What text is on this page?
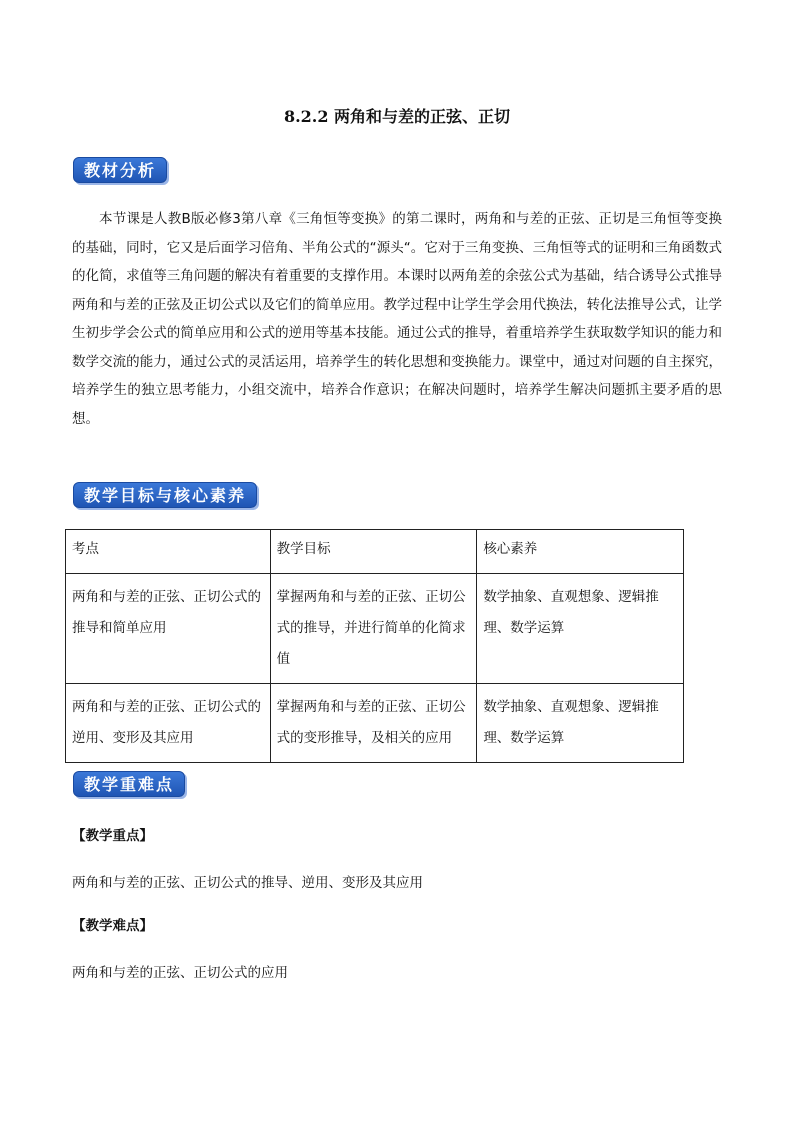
8.2.2 两角和与差的正弦、正切
教材分析
本节课是人教B版必修3第八章《三角恒等变换》的第二课时，两角和与差的正弦、正切是三角恒等变换的基础，同时，它又是后面学习倍角、半角公式的“源头“。它对于三角变换、三角恒等式的证明和三角函数式的化简，求值等三角问题的解决有着重要的支撑作用。本课时以两角差的余弦公式为基础，结合诱导公式推导两角和与差的正弦及正切公式以及它们的简单应用。教学过程中让学生学会用代换法，转化法推导公式，让学生初步学会公式的简单应用和公式的逆用等基本技能。通过公式的推导，着重培养学生获取数学知识的能力和数学交流的能力，通过公式的灵活运用，培养学生的转化思想和变换能力。课堂中，通过对问题的自主探究，培养学生的独立思考能力，小组交流中，培养合作意识；在解决问题时，培养学生解决问题抓主要矛盾的思想。
教学目标与核心素养
考点	教学目标	核心素养
两角和与差的正弦、正切公式的推导和简单应用	掌握两角和与差的正弦、正切公式的推导，并进行简单的化简求值	数学抽象、直观想象、逻辑推理、数学运算
两角和与差的正弦、正切公式的逆用、变形及其应用	掌握两角和与差的正弦、正切公式的变形推导，及相关的应用	数学抽象、直观想象、逻辑推理、数学运算
教学重难点
【教学重点】
两角和与差的正弦、正切公式的推导、逆用、变形及其应用
【教学难点】
两角和与差的正弦、正切公式的应用
